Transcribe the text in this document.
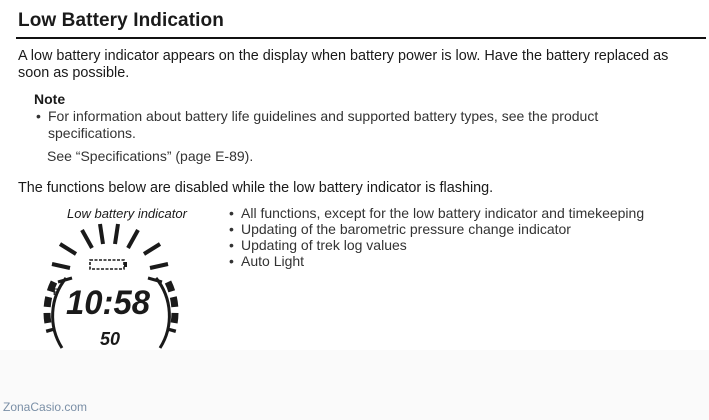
Low Battery Indication
A low battery indicator appears on the display when battery power is low. Have the battery replaced as soon as possible.
Note
• For information about battery life guidelines and supported battery types, see the product specifications.
See “Specifications” (page E-89).
The functions below are disabled while the low battery indicator is flashing.
Low battery indicator	• All functions, except for the low battery indicator and timekeeping
• Updating of the barometric pressure change indicator
• Updating of trek log values
• Auto Light
P 10:58
50
ZonaCasio.com
